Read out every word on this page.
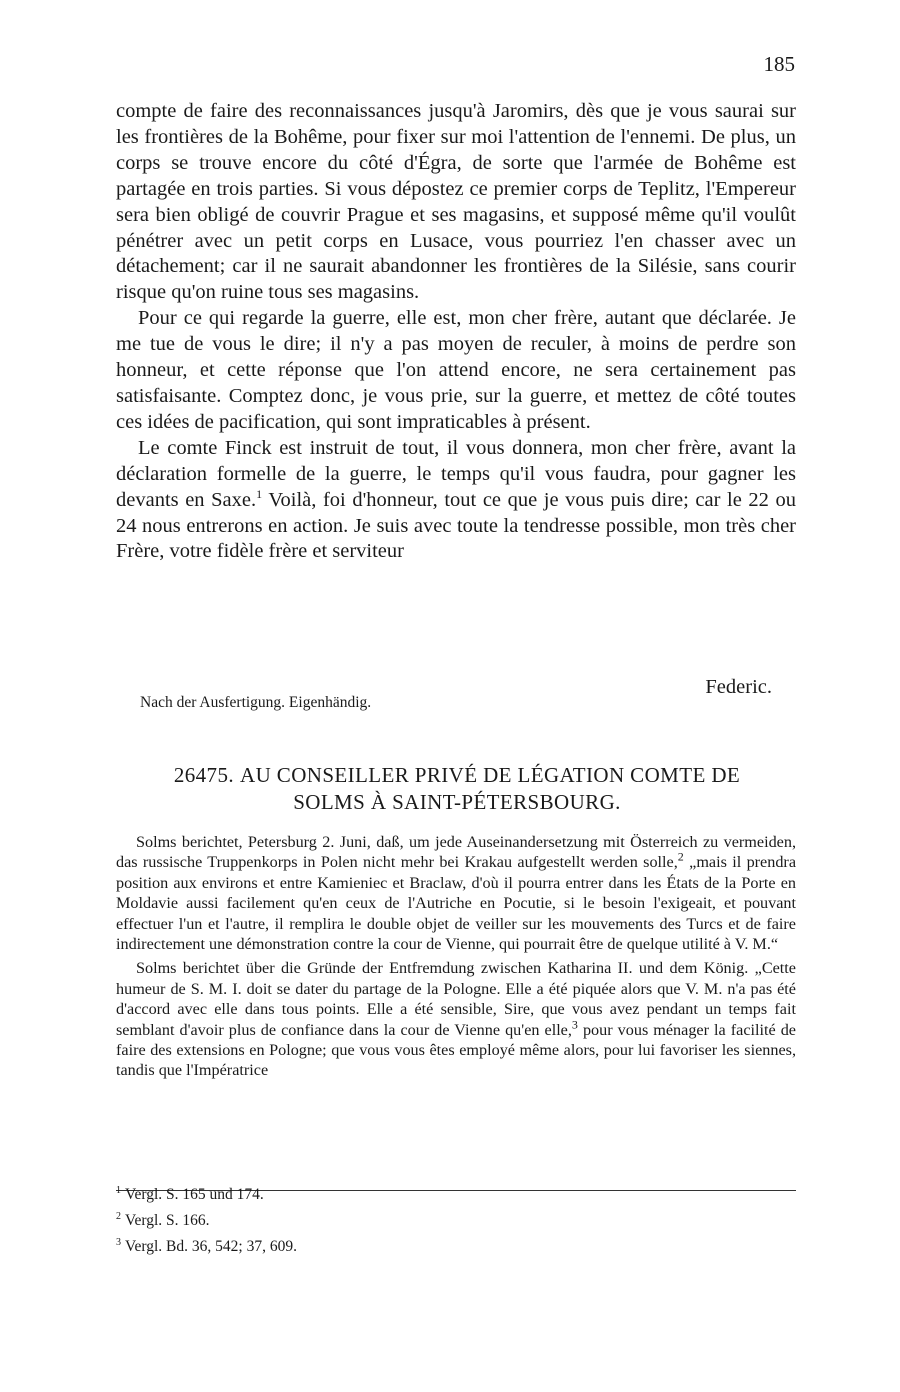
185

compte de faire des reconnaissances jusqu'à Jaromirs, dès que je vous saurai sur les frontières de la Bohême, pour fixer sur moi l'attention de l'ennemi. De plus, un corps se trouve encore du côté d'Égra, de sorte que l'armée de Bohême est partagée en trois parties. Si vous dépostez ce premier corps de Teplitz, l'Empereur sera bien obligé de couvrir Prague et ses magasins, et supposé même qu'il voulût pénétrer avec un petit corps en Lusace, vous pourriez l'en chasser avec un détachement; car il ne saurait abandonner les frontières de la Silésie, sans courir risque qu'on ruine tous ses magasins.

Pour ce qui regarde la guerre, elle est, mon cher frère, autant que déclarée. Je me tue de vous le dire; il n'y a pas moyen de reculer, à moins de perdre son honneur, et cette réponse que l'on attend encore, ne sera certainement pas satisfaisante. Comptez donc, je vous prie, sur la guerre, et mettez de côté toutes ces idées de pacification, qui sont impraticables à présent.

Le comte Finck est instruit de tout, il vous donnera, mon cher frère, avant la déclaration formelle de la guerre, le temps qu'il vous faudra, pour gagner les devants en Saxe.$^1$ Voilà, foi d'honneur, tout ce que je vous puis dire; car le 22 ou 24 nous entrerons en action. Je suis avec toute la tendresse possible, mon très cher Frère, votre fidèle frère et serviteur

Federic.
Nach der Ausfertigung. Eigenhändig.
26475. AU CONSEILLER PRIVÉ DE LÉGATION COMTE DE
SOLMS À SAINT-PÉTERSBOURG.

Solms berichtet, Petersburg 2. Juni, daß, um jede Auseinandersetzung mit Österreich zu vermeiden, das russische Truppenkorps in Polen nicht mehr bei Krakau aufgestellt werden solle,$^2$ „mais il prendra position aux environs et entre Kamieniec et Braclaw, d'où il pourra entrer dans les États de la Porte en Moldavie aussi facilement qu'en ceux de l'Autriche en Pocutie, si le besoin l'exigeait, et pouvant effectuer l'un et l'autre, il remplira le double objet de veiller sur les mouvements des Turcs et de faire indirectement une démonstration contre la cour de Vienne, qui pourrait être de quelque utilité à V. M.“

Solms berichtet über die Gründe der Entfremdung zwischen Katharina II. und dem König. „Cette humeur de S. M. I. doit se dater du partage de la Pologne. Elle a été piquée alors que V. M. n'a pas été d'accord avec elle dans tous points. Elle a été sensible, Sire, que vous avez pendant un temps fait semblant d'avoir plus de confiance dans la cour de Vienne qu'en elle,$^3$ pour vous ménager la facilité de faire des extensions en Pologne; que vous vous êtes employé même alors, pour lui favoriser les siennes, tandis que l'Impératrice

$^1$ Vergl. S. 165 und 174.
$^2$ Vergl. S. 166.
$^3$ Vergl. Bd. 36, 542; 37, 609.
